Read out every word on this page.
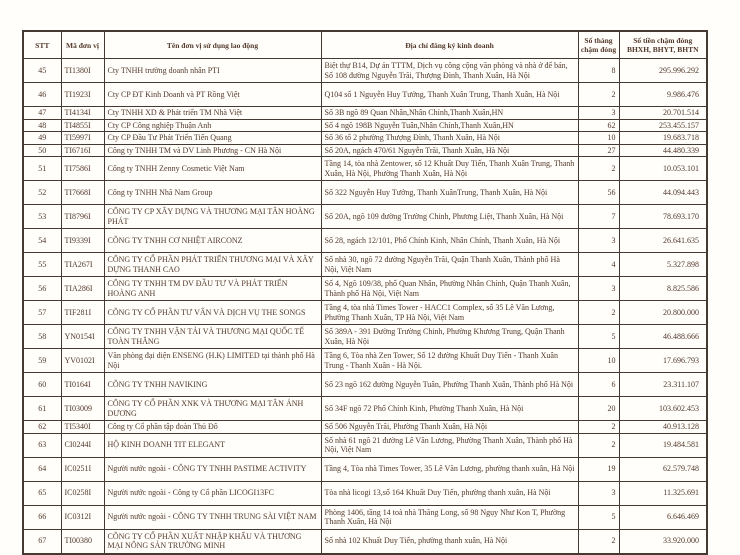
STT	Mã đơn vị	Tên đơn vị sử dụng lao động	Địa chỉ đăng ký kinh doanh	Số tháng chậm đóng	Số tiền chậm đóng BHXH, BHYT, BHTN
45	TI1380I	Cty TNHH trường doanh nhân PTI	Biệt thự B14, Dự án TTTM, Dịch vụ công cộng văn phòng và nhà ở để bán, Số 108 đường Nguyễn Trãi, Thượng Đình, Thanh Xuân, Hà Nội	8	295.996.292
46	TI1923I	Cty CP ĐT Kinh Doanh và PT Rồng Việt	Q104 số 1 Nguyễn Huy Tưởng, Thanh Xuân Trung, Thanh Xuân, Hà Nội	2	9.986.476
47	TI4134I	Cty TNHH XD & Phát triển TM Nhà Việt	Số 3B ngõ 89 Quan Nhân,Nhân Chính,Thanh Xuân,HN	3	20.701.514
48	TI4855I	Cty CP Công nghiệp Thuận Anh	Số 4 ngõ 198B Nguyễn Tuân,Nhân Chính,Thanh Xuân,HN	62	253.455.157
49	TI5997I	Cty CP Đầu Tư Phát Triển Tiến Quang	Số 36 tổ 2 phường Thượng Đình, Thanh Xuân, Hà Nội	10	19.683.718
50	TI6716I	Công ty TNHH TM và DV Linh Phương - CN Hà Nội	Số 20A, ngách 470/61 Nguyễn Trãi, Thanh Xuân, Hà Nội	27	44.480.339
51	TI7586I	Công ty TNHH Zenny Cosmetic Việt Nam	Tầng 14, tòa nhà Zentower, số 12 Khuất Duy Tiến, Thanh Xuân Trung, Thanh Xuân, Hà Nội, Phường Thanh Xuân, Hà Nội	2	10.053.101
52	TI7668I	Công ty TNHH Nhã Nam Group	Số 322 Nguyễn Huy Tưởng, Thanh XuânTrung, Thanh Xuân, Hà Nội	56	44.094.443
53	TI8796I	CÔNG TY CP XÂY DỰNG VÀ THƯƠNG MẠI TÂN HOÀNG PHÁT	Số 20A, ngõ 109 đường Trường Chinh, Phương Liệt, Thanh Xuân, Hà Nội	7	78.693.170
54	TI9339I	CÔNG TY TNHH CƠ NHIỆT AIRCONZ	Số 28, ngách 12/101, Phố Chính Kinh, Nhân Chính, Thanh Xuân, Hà Nội	3	26.641.635
55	TIA267I	CÔNG TY CỔ PHẦN PHÁT TRIỂN THƯƠNG MẠI VÀ XÂY DỰNG THANH CAO	Số nhà 30, ngõ 72 đường Nguyễn Trãi, Quận Thanh Xuân, Thành phố Hà Nội, Việt Nam	4	5.327.898
56	TIA286I	CÔNG TY TNHH TM DV ĐẦU TƯ VÀ PHÁT TRIỂN HOÀNG ANH	Số 4, Ngõ 109/38, phố Quan Nhân, Phường Nhân Chính, Quận Thanh Xuân, Thành phố Hà Nội, Việt Nam	3	8.825.586
57	TIF281I	CÔNG TY CỔ PHẦN TƯ VẤN VÀ DỊCH VỤ THE SONGS	Tầng 4, tòa nhà Times Tower - HACC1 Complex, số 35 Lê Văn Lương, Phường Thanh Xuân, TP Hà Nội, Việt Nam	2	20.800.000
58	YN0154I	CÔNG TY TNHH VẬN TẢI VÀ THƯƠNG MẠI QUỐC TẾ TOÀN THẮNG	Số 389A - 391 Đường Trường Chinh, Phường Khương Trung, Quận Thanh Xuân, Hà Nội	5	46.488.666
59	YV0102I	Văn phòng đại diện ENSENG (H.K) LIMITED tại thành phố Hà Nội	Tầng 6, Tòa nhà Zen Tower, Số 12 đường Khuất Duy Tiến - Thanh Xuân Trung - Thanh Xuân - Hà Nội.	10	17.696.793
60	TI0164I	CÔNG TY TNHH NAVIKING	Số 23 ngõ 162 đường Nguyễn Tuân, Phường Thanh Xuân, Thành phố Hà Nội	6	23.311.107
61	TI03009	CÔNG TY CỔ PHẦN XNK VÀ THƯƠNG MẠI TÂN ÁNH DƯƠNG	Số 34F ngõ 72 Phố Chính Kinh, Phường Thanh Xuân, Hà Nội	20	103.602.453
62	TI5340I	Công ty Cổ phần tập đoàn Thủ Đô	Số 506 Nguyễn Trãi, Phường Thanh Xuân, Hà Nội	2	40.913.128
63	CI0244I	HỘ KINH DOANH TIT ELEGANT	Số nhà 61 ngõ 21 đường Lê Văn Lương, Phường Thanh Xuân, Thành phố Hà Nội, Việt Nam	2	19.484.581
64	IC0251I	Người nước ngoài - CÔNG TY TNHH PASTIME ACTIVITY	Tầng 4, Tòa nhà Times Tower, 35 Lê Văn Lương, phường thanh xuân, Hà Nội	19	62.579.748
65	IC0258I	Người nước ngoài - Công ty Cổ phần LICOGI13FC	Tòa nhà licogi 13,số 164 Khuất Duy Tiến, phường thanh xuân, Hà Nội	3	11.325.691
66	IC0312I	Người nước ngoài - CÔNG TY TNHH TRUNG SÀI VIỆT NAM	Phòng 1406, tầng 14 toà nhà Thăng Long, số 98 Ngụy Như Kon T, Phường Thanh Xuân, Hà Nội	5	6.646.469
67	TI00380	CÔNG TY CỔ PHẦN XUẤT NHẬP KHẨU VÀ THƯƠNG MẠI NÔNG SẢN TRƯỜNG MINH	Số nhà 102 Khuất Duy Tiến, phường thanh xuân, Hà Nội	2	33.920.000
